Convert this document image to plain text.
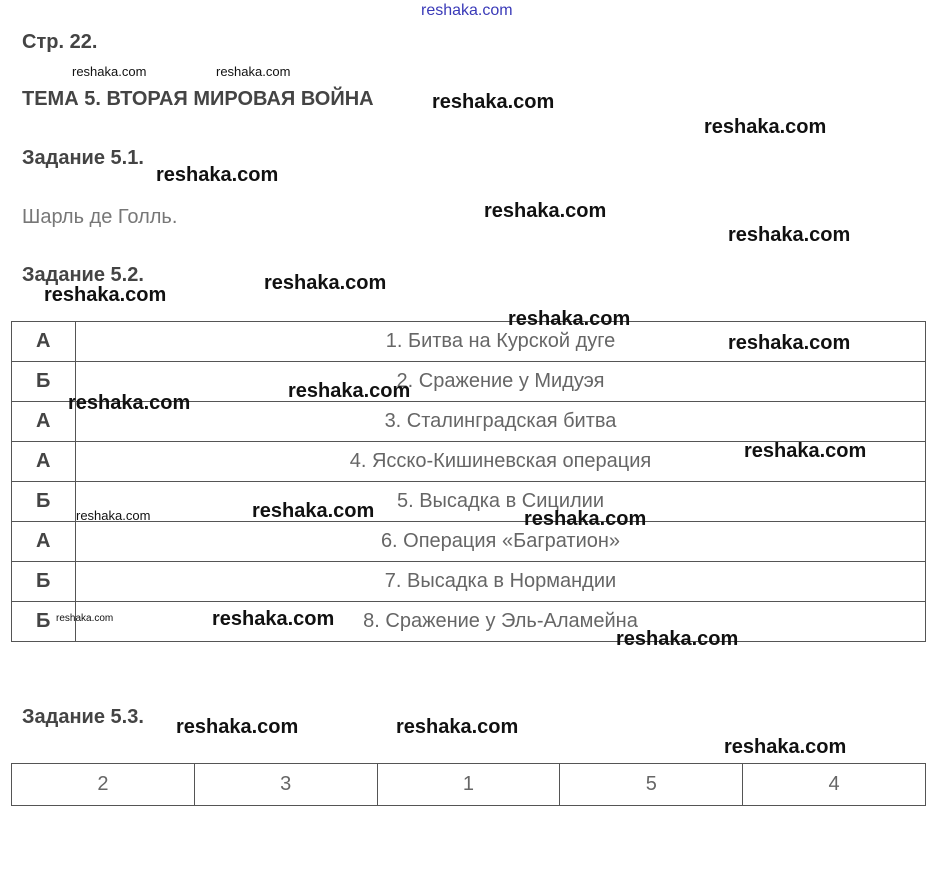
reshaka.com
Стр. 22.
ТЕМА 5. ВТОРАЯ МИРОВАЯ ВОЙНА
Задание 5.1.
Шарль де Голль.
Задание 5.2.
А	1. Битва на Курской дуге
Б	2. Сражение у Мидуэя
А	3. Сталинградская битва
А	4. Ясско-Кишиневская операция
Б	5. Высадка в Сицилии
А	6. Операция «Багратион»
Б	7. Высадка в Нормандии
Б	8. Сражение у Эль-Аламейна
Задание 5.3.
2	3	1	5	4
reshaka.com	reshaka.com
reshaka.com
reshaka.com
reshaka.com
reshaka.com
reshaka.com
reshaka.com
reshaka.com
reshaka.com
reshaka.com
reshaka.com
reshaka.com
reshaka.com
reshaka.com
reshaka.com	reshaka.com
reshaka.com
reshaka.com
reshaka.com
reshaka.com	reshaka.com
reshaka.com
